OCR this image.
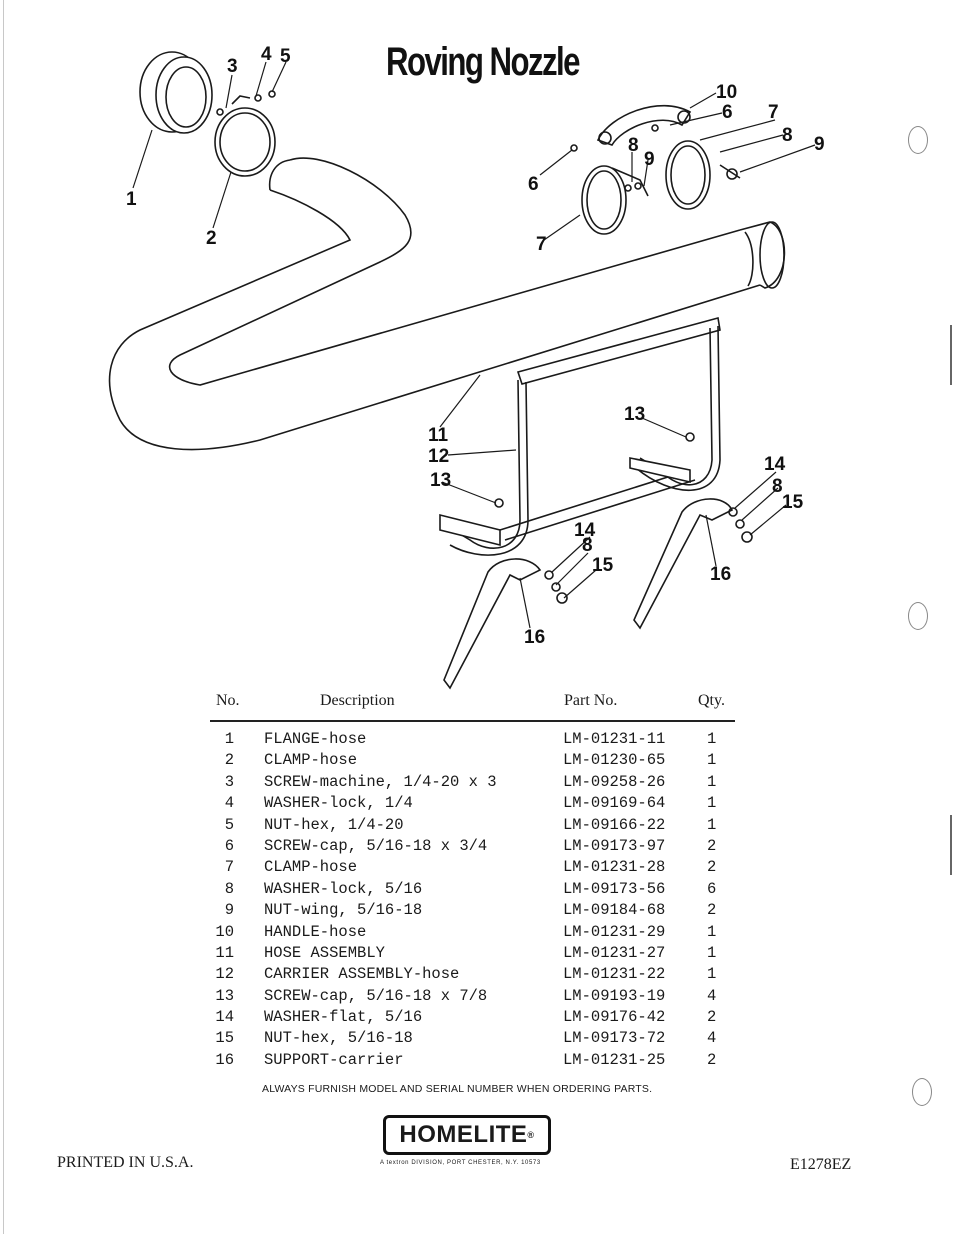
Roving Nozzle
1
2
3
4 5
10
6 7
8 9
8
9
6
7
11
12
13
13
14
8
15
16
14
8
15
16
No.	Description	Part No.	Qty.
1 FLANGE-hose	LM-01231-11	1
2 CLAMP-hose	LM-01230-65	1
3 SCREW-machine, 1/4-20 x 3	LM-09258-26	1
4 WASHER-lock, 1/4	LM-09169-64	1
5 NUT-hex, 1/4-20	LM-09166-22	1
6 SCREW-cap, 5/16-18 x 3/4	LM-09173-97	2
7 CLAMP-hose	LM-01231-28	2
8 WASHER-lock, 5/16	LM-09173-56	6
9 NUT-wing, 5/16-18	LM-09184-68	2
10 HANDLE-hose	LM-01231-29	1
11 HOSE ASSEMBLY	LM-01231-27	1
12 CARRIER ASSEMBLY-hose	LM-01231-22	1
13 SCREW-cap, 5/16-18 x 7/8	LM-09193-19	4
14 WASHER-flat, 5/16	LM-09176-42	2
15 NUT-hex, 5/16-18	LM-09173-72	4
16 SUPPORT-carrier	LM-01231-25	2
ALWAYS FURNISH MODEL AND SERIAL NUMBER WHEN ORDERING PARTS.
HOMELITE ®
A textron DIVISION, PORT CHESTER, N.Y. 10573
PRINTED IN U.S.A.	E1278EZ
